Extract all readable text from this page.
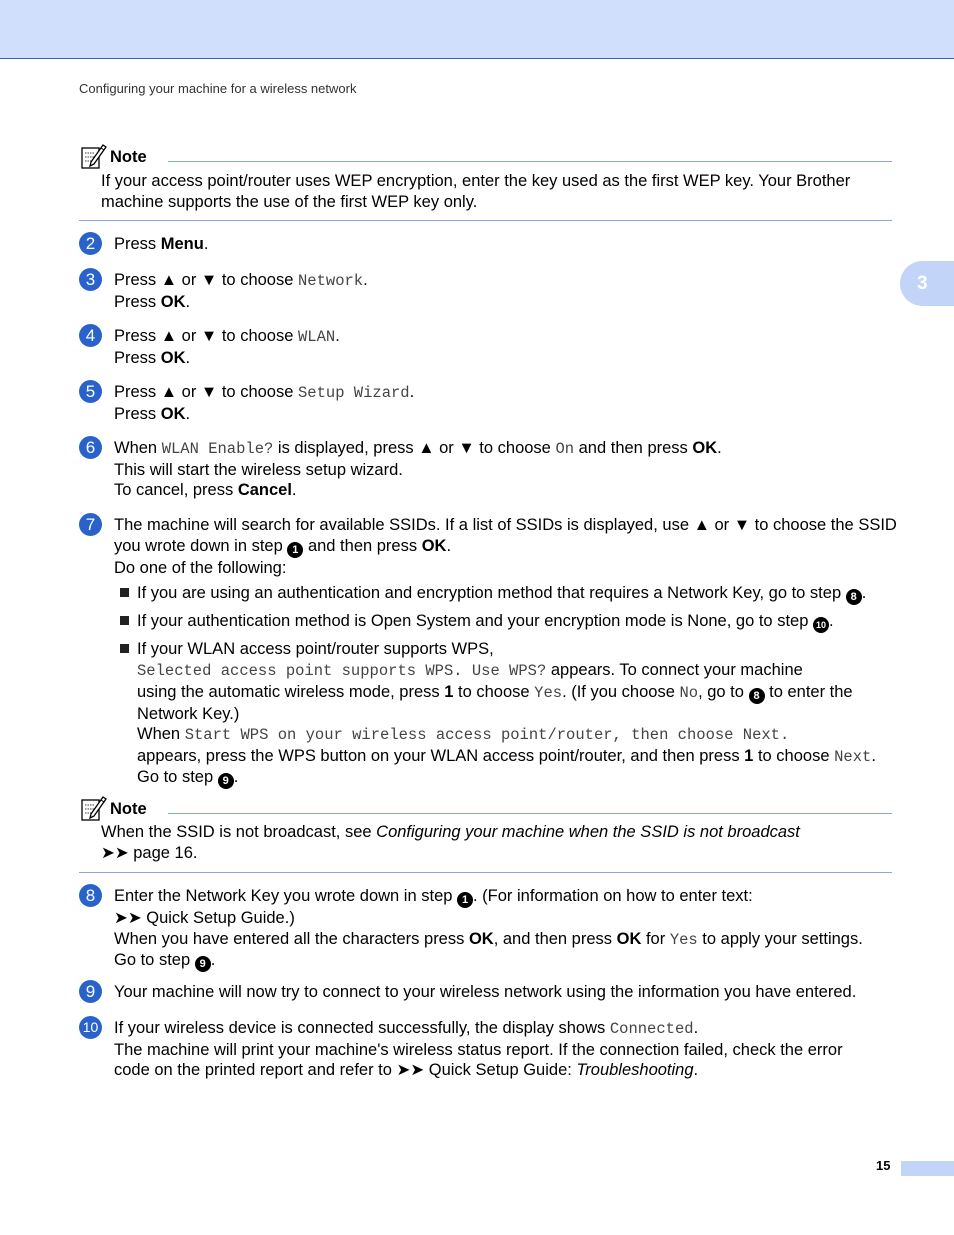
Configuring your machine for a wireless network
3
Note
If your access point/router uses WEP encryption, enter the key used as the first WEP key. Your Brother
machine supports the use of the first WEP key only.
2	Press Menu.
3	Press ▲ or ▼ to choose Network.
Press OK.
4	Press ▲ or ▼ to choose WLAN.
Press OK.
5	Press ▲ or ▼ to choose Setup Wizard.
Press OK.
6	When WLAN Enable? is displayed, press ▲ or ▼ to choose On and then press OK.
This will start the wireless setup wizard.
To cancel, press Cancel.
7	The machine will search for available SSIDs. If a list of SSIDs is displayed, use ▲ or ▼ to choose the SSID
you wrote down in step 1 and then press OK.
Do one of the following:
If you are using an authentication and encryption method that requires a Network Key, go to step 8 .
If your authentication method is Open System and your encryption mode is None, go to step 10 .
If your WLAN access point/router supports WPS,
Selected access point supports WPS. Use WPS? appears. To connect your machine
using the automatic wireless mode, press 1 to choose Yes. (If you choose No, go to 8 to enter the
Network Key.)
When Start WPS on your wireless access point/router, then choose Next.
appears, press the WPS button on your WLAN access point/router, and then press 1 to choose Next.
Go to step 9 .
Note
When the SSID is not broadcast, see Configuring your machine when the SSID is not broadcast
➤➤ page 16.
8	Enter the Network Key you wrote down in step 1 . (For information on how to enter text:
➤➤ Quick Setup Guide.)
When you have entered all the characters press OK, and then press OK for Yes to apply your settings.
Go to step 9 .
9	Your machine will now try to connect to your wireless network using the information you have entered.
10 If your wireless device is connected successfully, the display shows Connected.
The machine will print your machine's wireless status report. If the connection failed, check the error
code on the printed report and refer to ➤➤ Quick Setup Guide: Troubleshooting.
15
